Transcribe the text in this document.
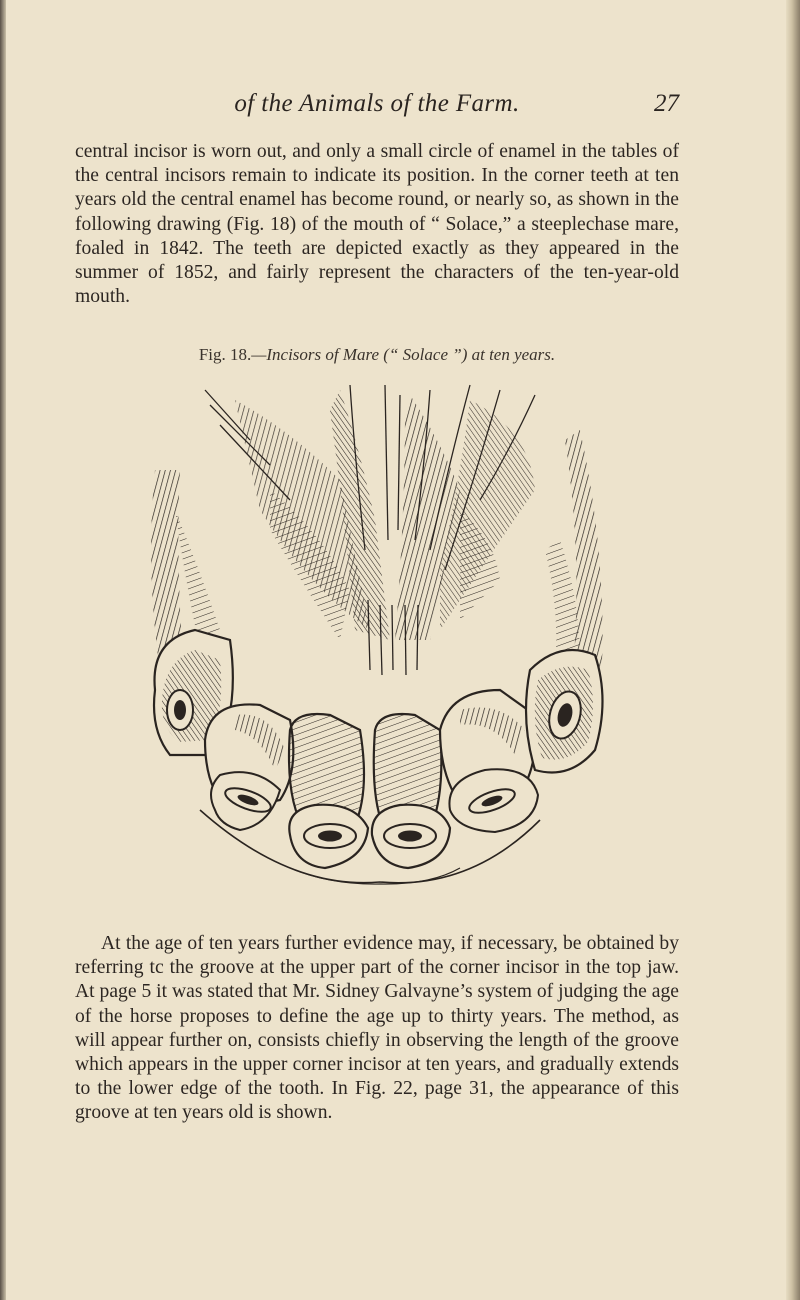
of the Animals of the Farm.	27

central incisor is worn out, and only a small circle of enamel in the tables of the central incisors remain to indicate its position. In the corner teeth at ten years old the central enamel has become round, or nearly so, as shown in the following drawing (Fig. 18) of the mouth of “ Solace,” a steeplechase mare, foaled in 1842. The teeth are depicted exactly as they appeared in the summer of 1852, and fairly represent the characters of the ten-year-old mouth.

Fig. 18.—Incisors of Mare (“ Solace ”) at ten years.

At the age of ten years further evidence may, if necessary, be obtained by referring tc the groove at the upper part of the corner incisor in the top jaw. At page 5 it was stated that Mr. Sidney Galvayne’s system of judging the age of the horse proposes to define the age up to thirty years. The method, as will appear further on, consists chiefly in observing the length of the groove which appears in the upper corner incisor at ten years, and gradually extends to the lower edge of the tooth. In Fig. 22, page 31, the appearance of this groove at ten years old is shown.
